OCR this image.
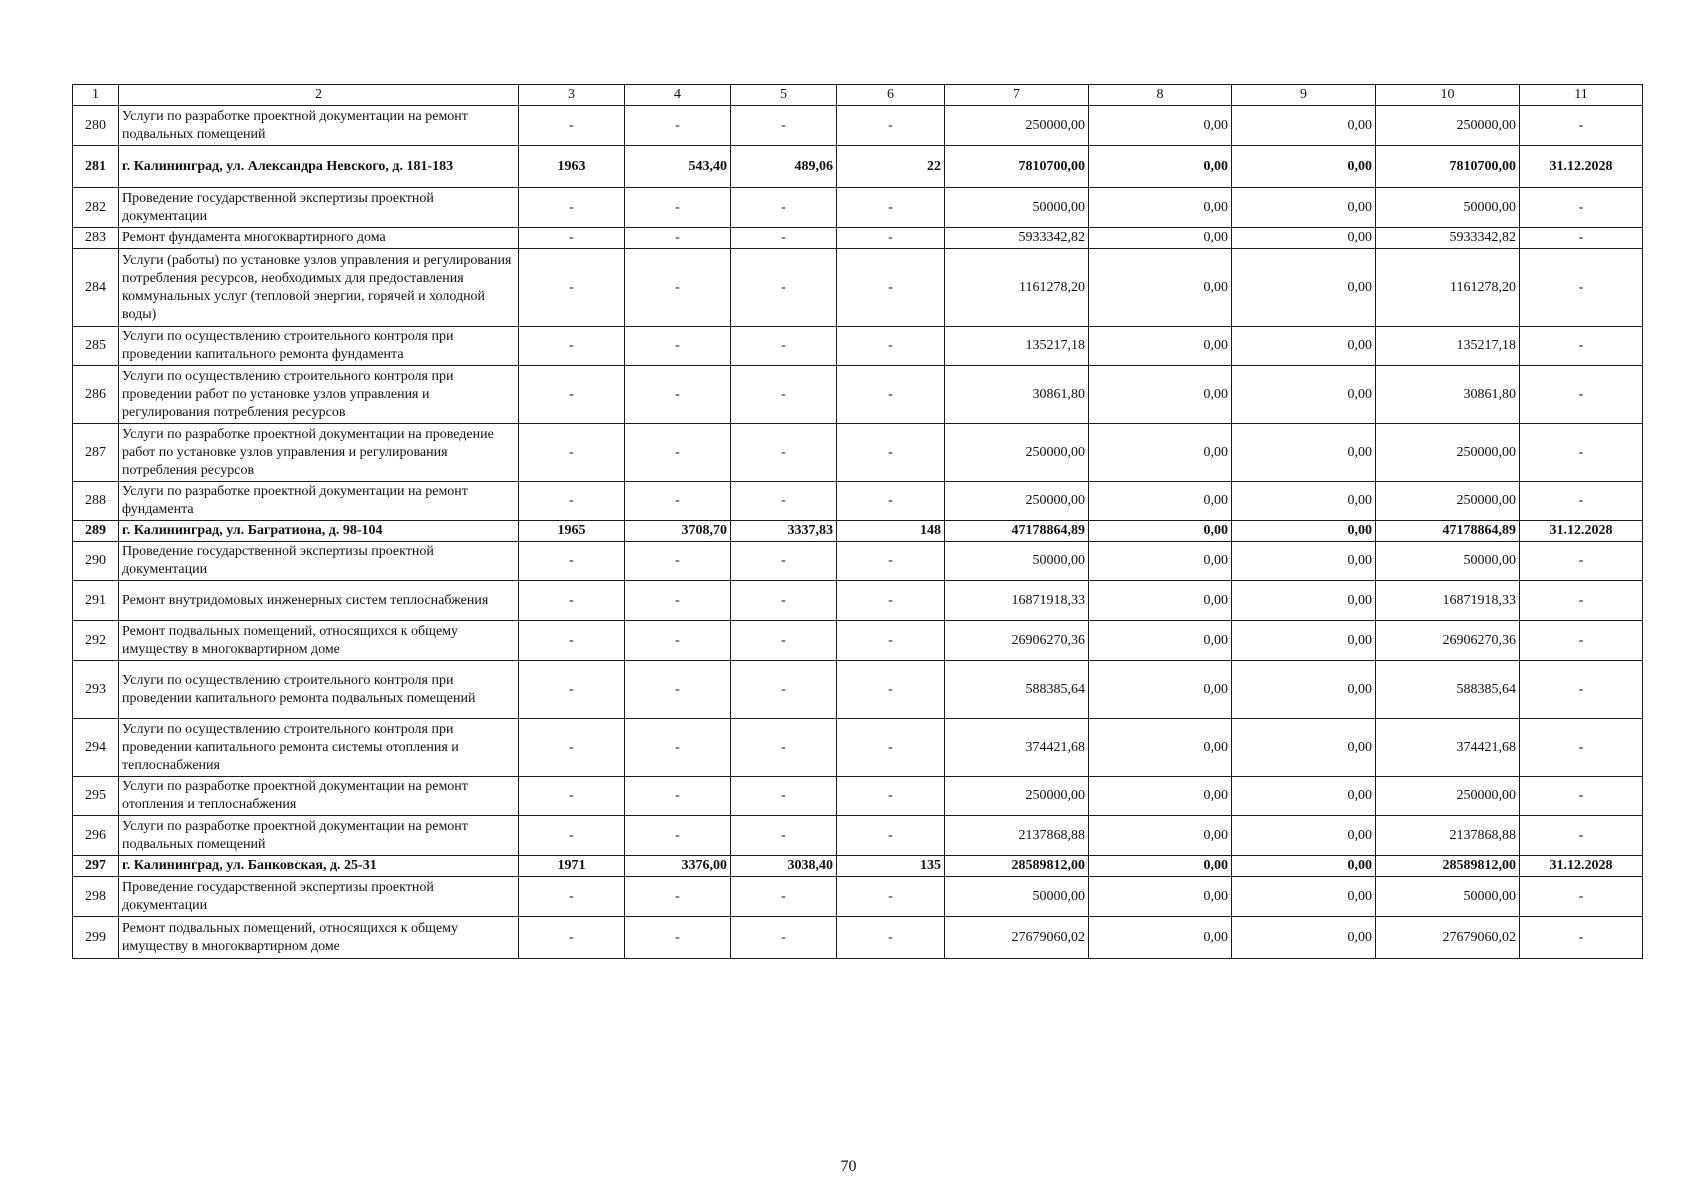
1	2	3	4	5	6	7	8	9	10	11
280	Услуги по разработке проектной документации на ремонт подвальных помещений	-	-	-	-	250000,00	0,00	0,00	250000,00	-
281	г. Калининград, ул. Александра Невского, д. 181-183	1963	543,40	489,06	22	7810700,00	0,00	0,00	7810700,00	31.12.2028
282	Проведение государственной экспертизы проектной документации	-	-	-	-	50000,00	0,00	0,00	50000,00	-
283	Ремонт фундамента многоквартирного дома	-	-	-	-	5933342,82	0,00	0,00	5933342,82	-
284	Услуги (работы) по установке узлов управления и регулирования потребления ресурсов, необходимых для предоставления коммунальных услуг (тепловой энергии, горячей и холодной воды)	-	-	-	-	1161278,20	0,00	0,00	1161278,20	-
285	Услуги по осуществлению строительного контроля при проведении капитального ремонта фундамента	-	-	-	-	135217,18	0,00	0,00	135217,18	-
286	Услуги по осуществлению строительного контроля при проведении работ по установке узлов управления и регулирования потребления ресурсов	-	-	-	-	30861,80	0,00	0,00	30861,80	-
287	Услуги по разработке проектной документации на проведение работ по установке узлов управления и регулирования потребления ресурсов	-	-	-	-	250000,00	0,00	0,00	250000,00	-
288	Услуги по разработке проектной документации на ремонт фундамента	-	-	-	-	250000,00	0,00	0,00	250000,00	-
289	г. Калининград, ул. Багратиона, д. 98-104	1965	3708,70	3337,83	148	47178864,89	0,00	0,00	47178864,89	31.12.2028
290	Проведение государственной экспертизы проектной документации	-	-	-	-	50000,00	0,00	0,00	50000,00	-
291	Ремонт внутридомовых инженерных систем теплоснабжения	-	-	-	-	16871918,33	0,00	0,00	16871918,33	-
292	Ремонт подвальных помещений, относящихся к общему имуществу в многоквартирном доме	-	-	-	-	26906270,36	0,00	0,00	26906270,36	-
293	Услуги по осуществлению строительного контроля при проведении капитального ремонта подвальных помещений	-	-	-	-	588385,64	0,00	0,00	588385,64	-
294	Услуги по осуществлению строительного контроля при проведении капитального ремонта системы отопления и теплоснабжения	-	-	-	-	374421,68	0,00	0,00	374421,68	-
295	Услуги по разработке проектной документации на ремонт отопления и теплоснабжения	-	-	-	-	250000,00	0,00	0,00	250000,00	-
296	Услуги по разработке проектной документации на ремонт подвальных помещений	-	-	-	-	2137868,88	0,00	0,00	2137868,88	-
297	г. Калининград, ул. Банковская, д. 25-31	1971	3376,00	3038,40	135	28589812,00	0,00	0,00	28589812,00	31.12.2028
298	Проведение государственной экспертизы проектной документации	-	-	-	-	50000,00	0,00	0,00	50000,00	-
299	Ремонт подвальных помещений, относящихся к общему имуществу в многоквартирном доме	-	-	-	-	27679060,02	0,00	0,00	27679060,02	-
70
